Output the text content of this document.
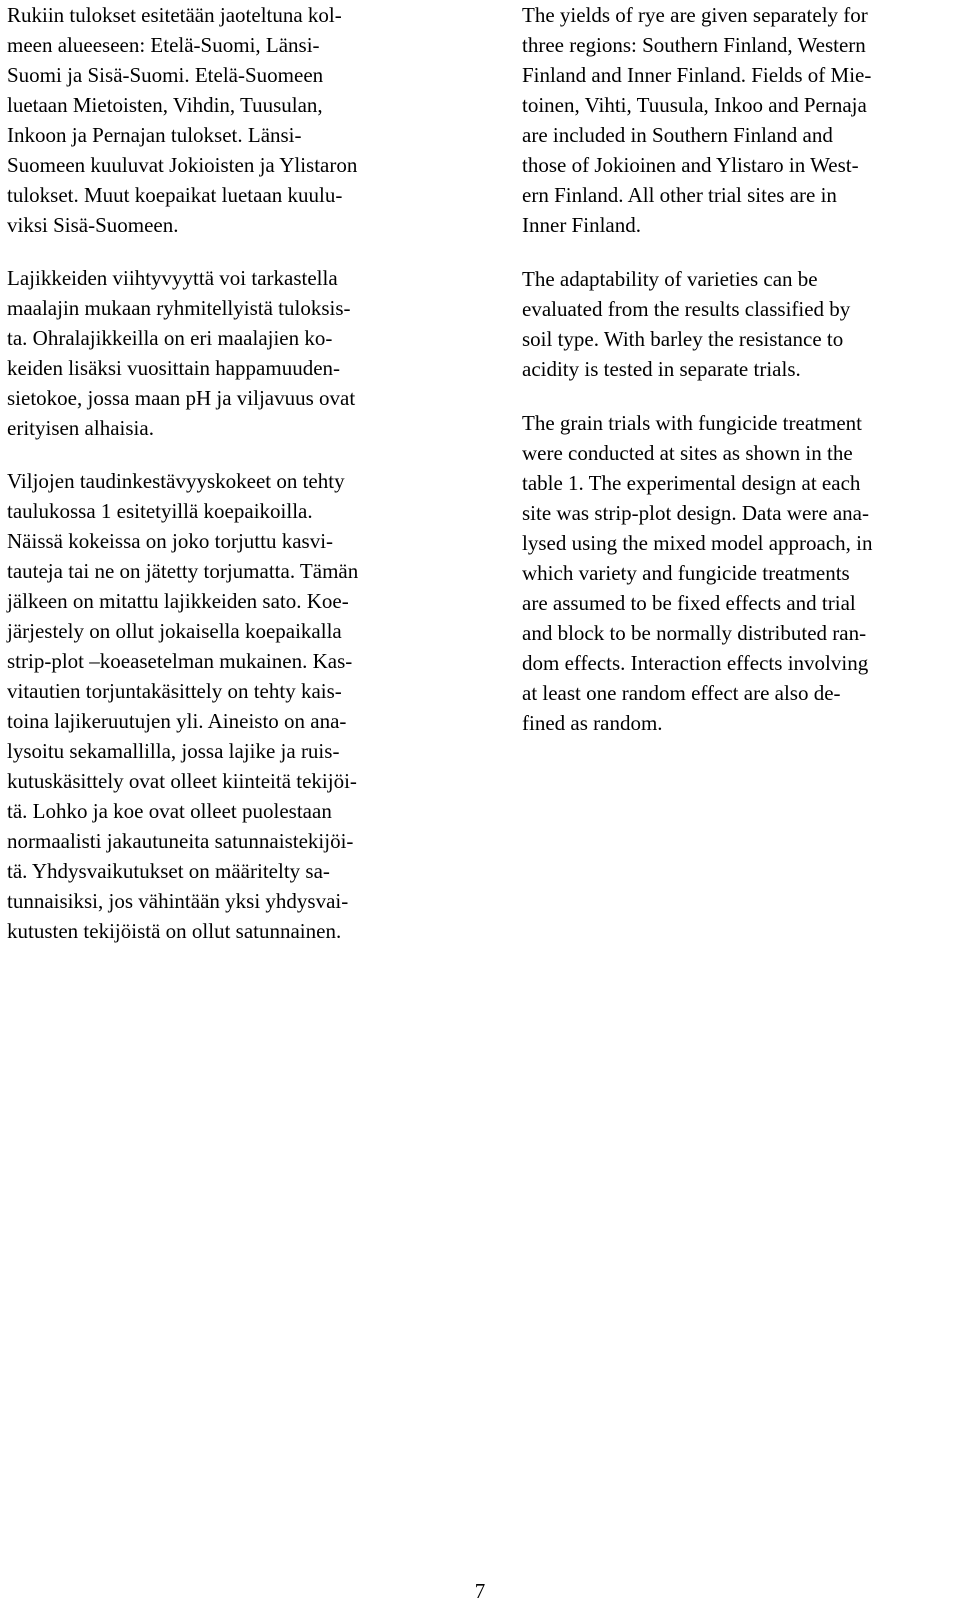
Rukiin tulokset esitetään jaoteltuna kol-
meen alueeseen: Etelä-Suomi, Länsi-
Suomi ja Sisä-Suomi. Etelä-Suomeen
luetaan Mietoisten, Vihdin, Tuusulan,
Inkoon ja Pernajan tulokset. Länsi-
Suomeen kuuluvat Jokioisten ja Ylistaron
tulokset. Muut koepaikat luetaan kuulu-
viksi Sisä-Suomeen.

Lajikkeiden viihtyvyyttä voi tarkastella
maalajin mukaan ryhmitellyistä tuloksis-
ta. Ohralajikkeilla on eri maalajien ko-
keiden lisäksi vuosittain happamuuden-
sietokoe, jossa maan pH ja viljavuus ovat
erityisen alhaisia.

Viljojen taudinkestävyyskokeet on tehty
taulukossa 1 esitetyillä koepaikoilla.
Näissä kokeissa on joko torjuttu kasvi-
tauteja tai ne on jätetty torjumatta. Tämän
jälkeen on mitattu lajikkeiden sato. Koe-
järjestely on ollut jokaisella koepaikalla
strip-plot –koeasetelman mukainen. Kas-
vitautien torjuntakäsittely on tehty kais-
toina lajikeruutujen yli. Aineisto on ana-
lysoitu sekamallilla, jossa lajike ja ruis-
kutuskäsittely ovat olleet kiinteitä tekijöi-
tä. Lohko ja koe ovat olleet puolestaan
normaalisti jakautuneita satunnaistekijöi-
tä. Yhdysvaikutukset on määritelty sa-
tunnaisiksi, jos vähintään yksi yhdysvai-
kutusten tekijöistä on ollut satunnainen.

The yields of rye are given separately for
three regions: Southern Finland, Western
Finland and Inner Finland. Fields of Mie-
toinen, Vihti, Tuusula, Inkoo and Pernaja
are included in Southern Finland and
those of Jokioinen and Ylistaro in West-
ern Finland. All other trial sites are in
Inner Finland.

The adaptability of varieties can be
evaluated from the results classified by
soil type. With barley the resistance to
acidity is tested in separate trials.

The grain trials with fungicide treatment
were conducted at sites as shown in the
table 1. The experimental design at each
site was strip-plot design. Data were ana-
lysed using the mixed model approach, in
which variety and fungicide treatments
are assumed to be fixed effects and trial
and block to be normally distributed ran-
dom effects. Interaction effects involving
at least one random effect are also de-
fined as random.

7
